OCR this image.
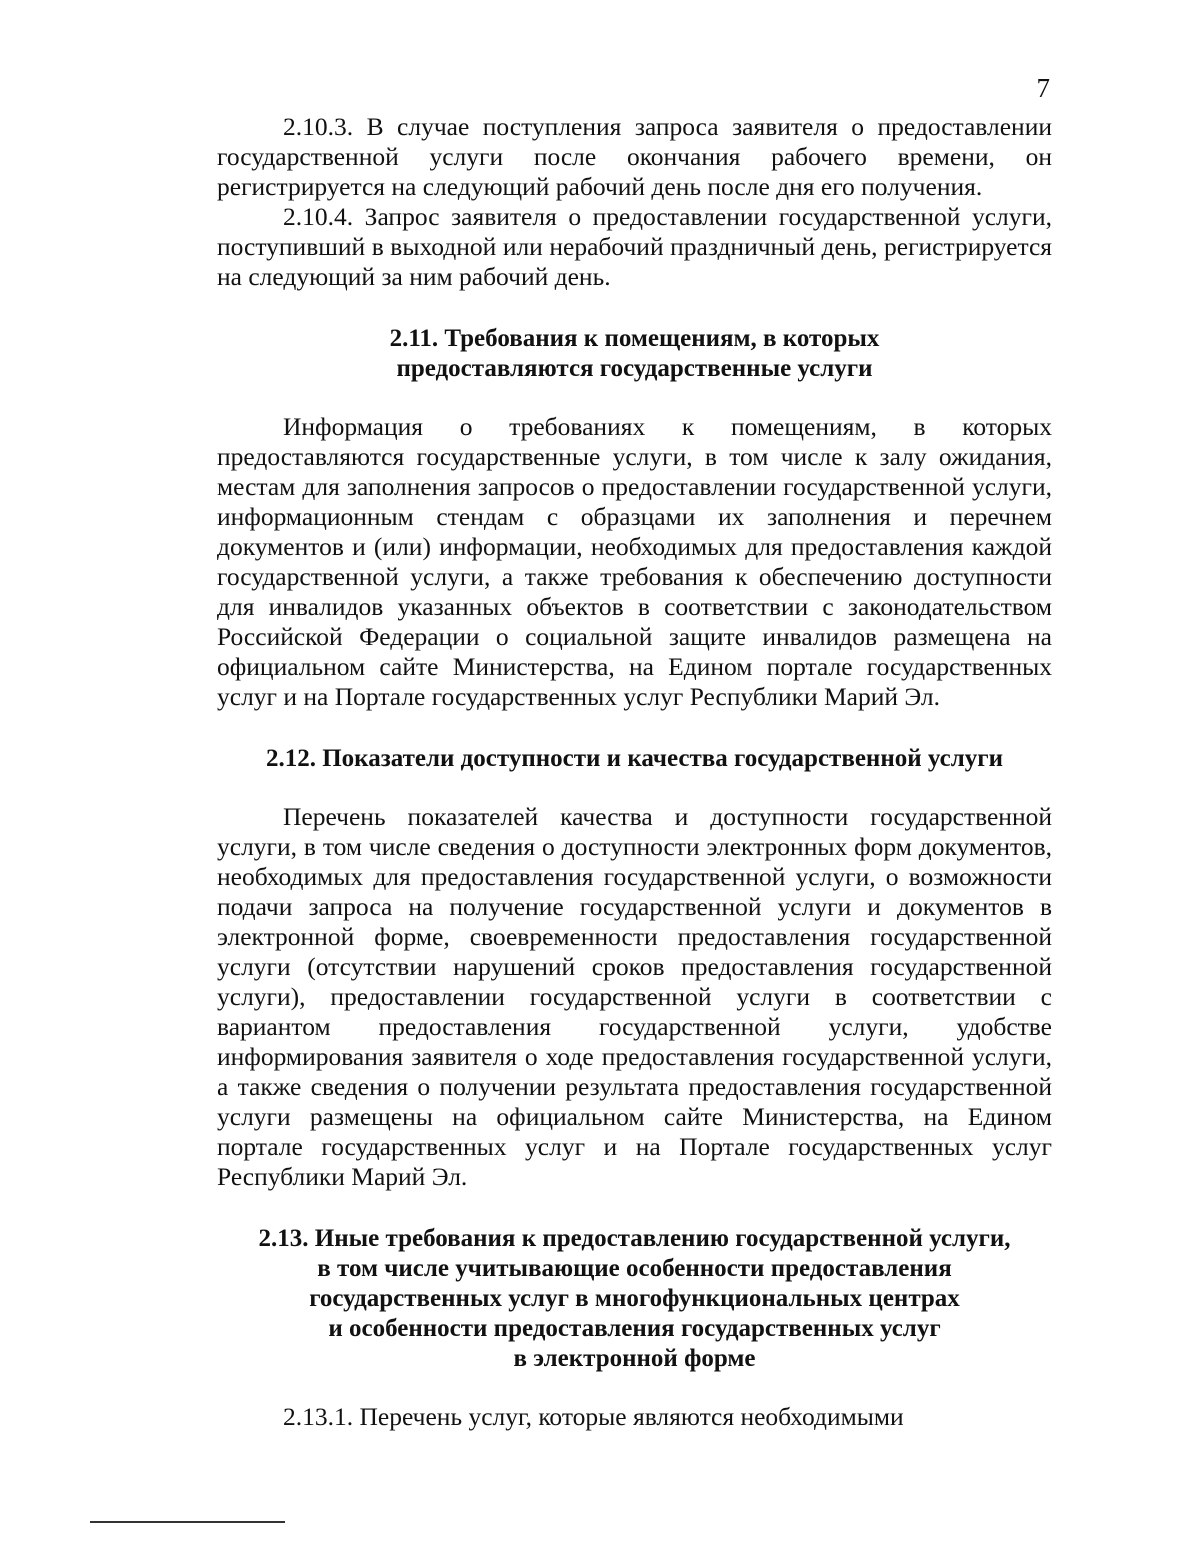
7

2.10.3. В случае поступления запроса заявителя о предоставлении государственной услуги после окончания рабочего времени, он регистрируется на следующий рабочий день после дня его получения.

2.10.4. Запрос заявителя о предоставлении государственной услуги, поступивший в выходной или нерабочий праздничный день, регистрируется на следующий за ним рабочий день.

2.11. Требования к помещениям, в которых
предоставляются государственные услуги

Информация о требованиях к помещениям, в которых предоставляются государственные услуги, в том числе к залу ожидания, местам для заполнения запросов о предоставлении государственной услуги, информационным стендам с образцами их заполнения и перечнем документов и (или) информации, необходимых для предоставления каждой государственной услуги, а также требования к обеспечению доступности для инвалидов указанных объектов в соответствии с законодательством Российской Федерации о социальной защите инвалидов размещена на официальном сайте Министерства, на Едином портале государственных услуг и на Портале государственных услуг Республики Марий Эл.

2.12. Показатели доступности и качества государственной услуги

Перечень показателей качества и доступности государственной услуги, в том числе сведения о доступности электронных форм документов, необходимых для предоставления государственной услуги, о возможности подачи запроса на получение государственной услуги и документов в электронной форме, своевременности предоставления государственной услуги (отсутствии нарушений сроков предоставления государственной услуги), предоставлении государственной услуги в соответствии с вариантом предоставления государственной услуги, удобстве информирования заявителя о ходе предоставления государственной услуги, а также сведения о получении результата предоставления государственной услуги размещены на официальном сайте Министерства, на Едином портале государственных услуг и на Портале государственных услуг Республики Марий Эл.

2.13. Иные требования к предоставлению государственной услуги,
в том числе учитывающие особенности предоставления
государственных услуг в многофункциональных центрах
и особенности предоставления государственных услуг
в электронной форме

2.13.1. Перечень услуг, которые являются необходимыми
